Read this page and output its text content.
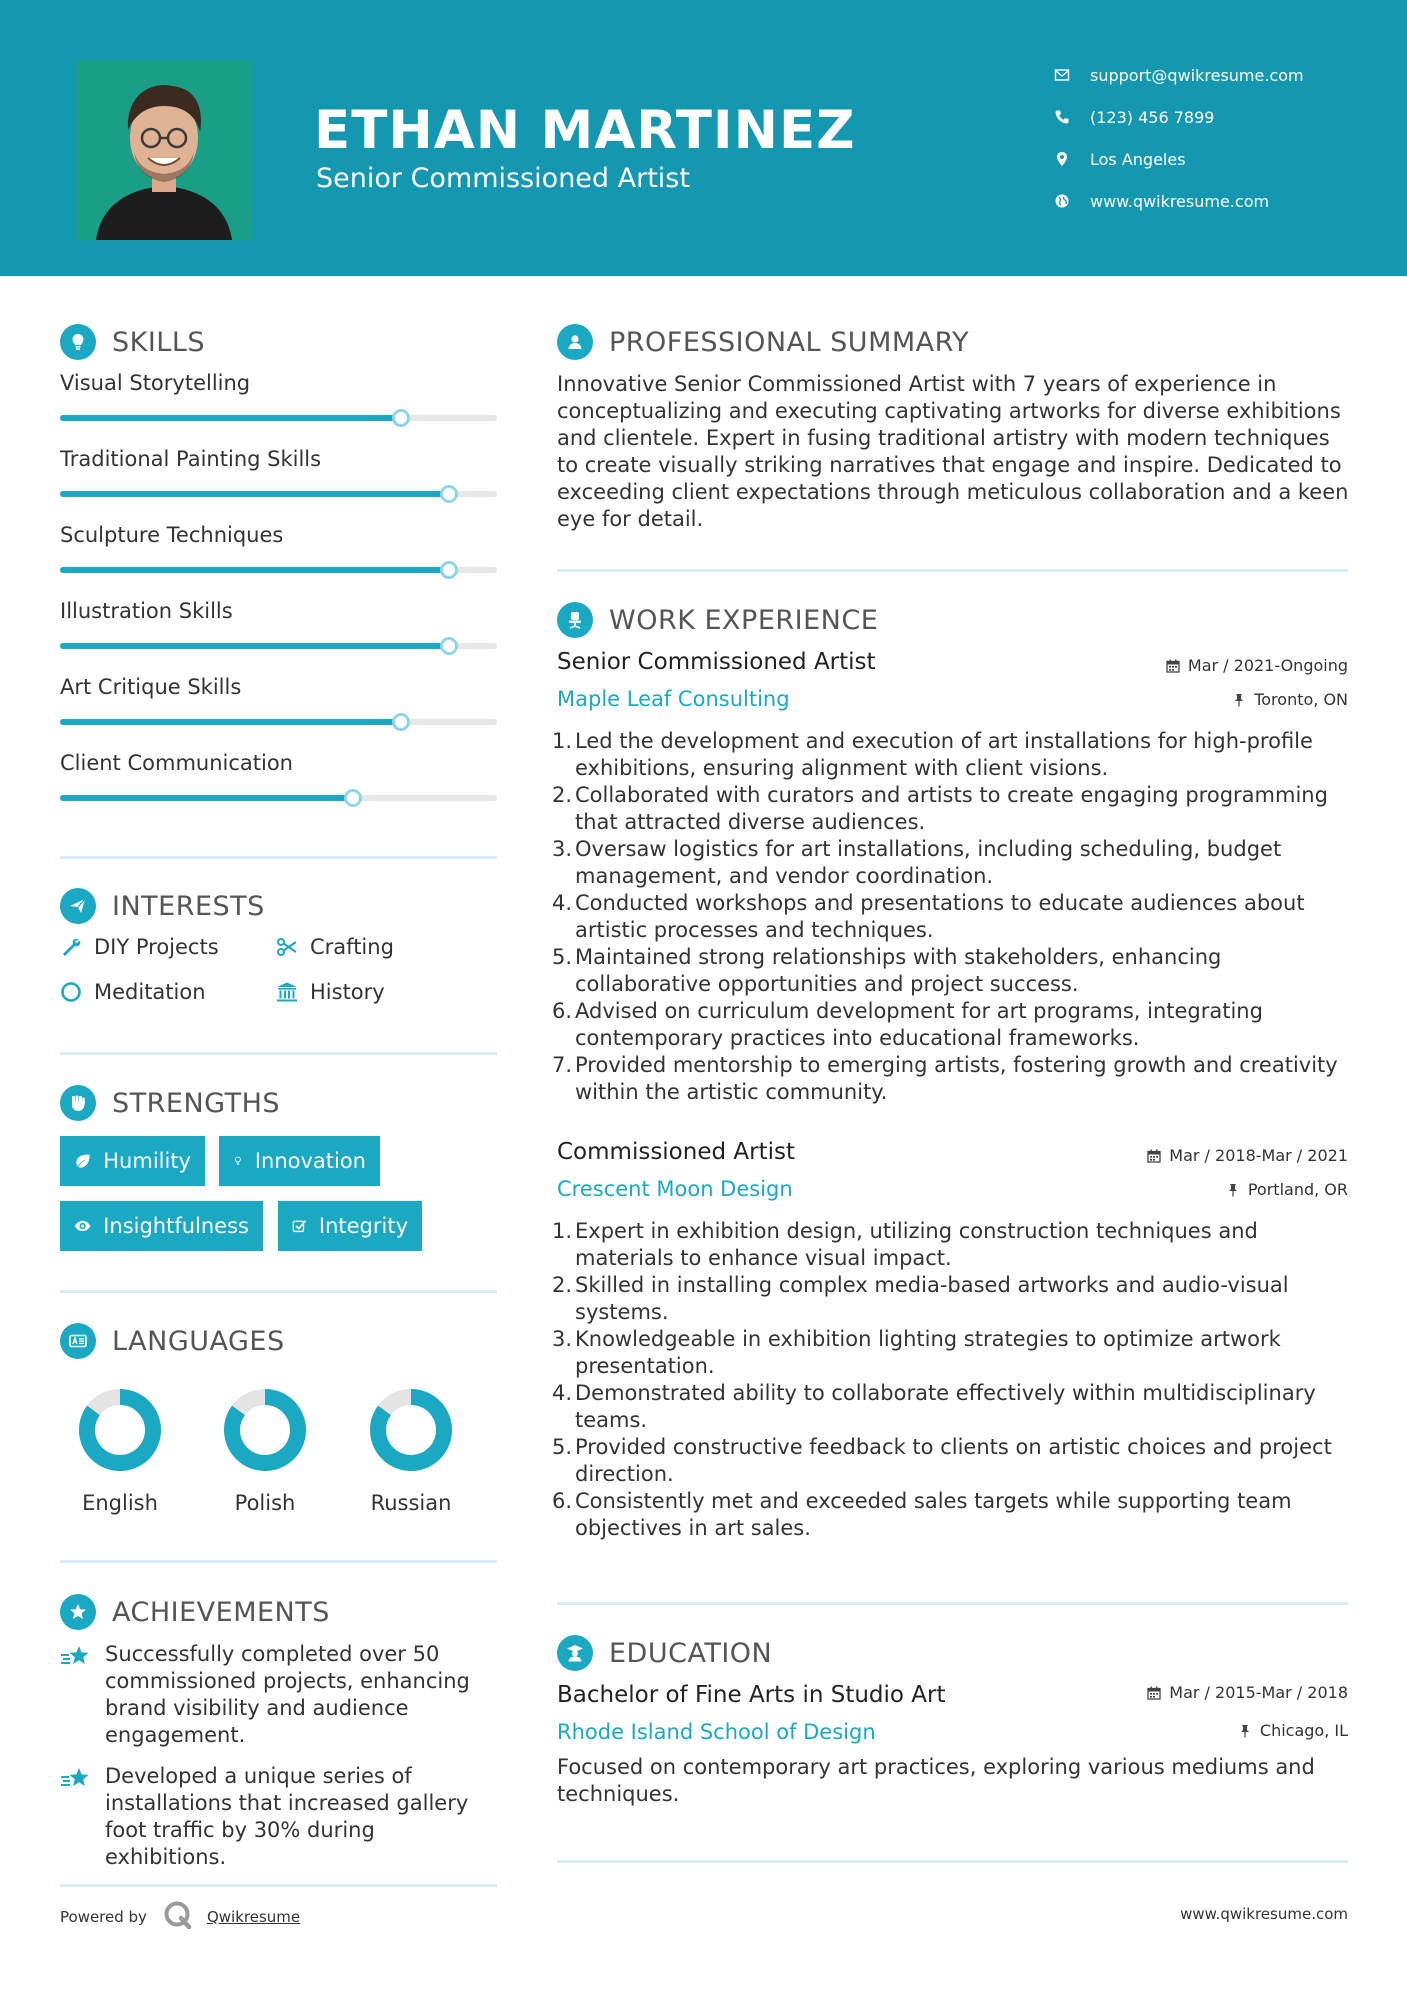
ETHAN MARTINEZ
Senior Commissioned Artist
support@qwikresume.com
(123) 456 7899
Los Angeles
www.qwikresume.com
SKILLS
Visual Storytelling
Traditional Painting Skills
Sculpture Techniques
Illustration Skills
Art Critique Skills
Client Communication
INTERESTS
DIY Projects	Crafting
Meditation	History
STRENGTHS
Humility	Innovation
Insightfulness	Integrity
LANGUAGES
English	Polish	Russian
ACHIEVEMENTS
Successfully completed over 50 commissioned projects, enhancing brand visibility and audience engagement.
Developed a unique series of installations that increased gallery foot traffic by 30% during exhibitions.
PROFESSIONAL SUMMARY
Innovative Senior Commissioned Artist with 7 years of experience in conceptualizing and executing captivating artworks for diverse exhibitions and clientele. Expert in fusing traditional artistry with modern techniques to create visually striking narratives that engage and inspire. Dedicated to exceeding client expectations through meticulous collaboration and a keen eye for detail.
WORK EXPERIENCE
Senior Commissioned Artist
Maple Leaf Consulting
Mar / 2021-Ongoing
Toronto, ON
1. Led the development and execution of art installations for high-profile exhibitions, ensuring alignment with client visions.
2. Collaborated with curators and artists to create engaging programming that attracted diverse audiences.
3. Oversaw logistics for art installations, including scheduling, budget management, and vendor coordination.
4. Conducted workshops and presentations to educate audiences about artistic processes and techniques.
5. Maintained strong relationships with stakeholders, enhancing collaborative opportunities and project success.
6. Advised on curriculum development for art programs, integrating contemporary practices into educational frameworks.
7. Provided mentorship to emerging artists, fostering growth and creativity within the artistic community.
Commissioned Artist
Crescent Moon Design
Mar / 2018-Mar / 2021
Portland, OR
1. Expert in exhibition design, utilizing construction techniques and materials to enhance visual impact.
2. Skilled in installing complex media-based artworks and audio-visual systems.
3. Knowledgeable in exhibition lighting strategies to optimize artwork presentation.
4. Demonstrated ability to collaborate effectively within multidisciplinary teams.
5. Provided constructive feedback to clients on artistic choices and project direction.
6. Consistently met and exceeded sales targets while supporting team objectives in art sales.
EDUCATION
Bachelor of Fine Arts in Studio Art
Rhode Island School of Design
Mar / 2015-Mar / 2018
Chicago, IL
Focused on contemporary art practices, exploring various mediums and techniques.
Powered by	Qwikresume	www.qwikresume.com
